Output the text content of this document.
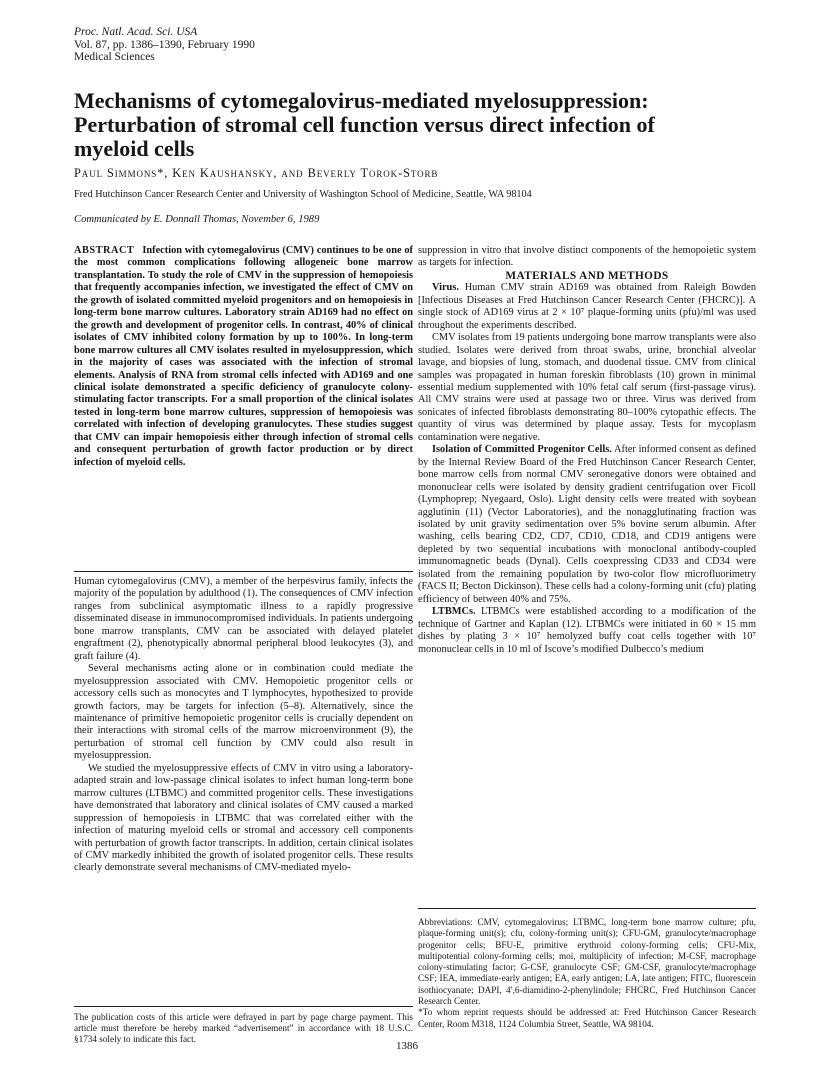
Proc. Natl. Acad. Sci. USA
Vol. 87, pp. 1386–1390, February 1990
Medical Sciences
Mechanisms of cytomegalovirus-mediated myelosuppression: Perturbation of stromal cell function versus direct infection of myeloid cells
Paul Simmons*, Ken Kaushansky, and Beverly Torok-Storb
Fred Hutchinson Cancer Research Center and University of Washington School of Medicine, Seattle, WA 98104
Communicated by E. Donnall Thomas, November 6, 1989

ABSTRACT Infection with cytomegalovirus (CMV) continues to be one of the most common complications following allogeneic bone marrow transplantation. To study the role of CMV in the suppression of hemopoiesis that frequently accompanies infection, we investigated the effect of CMV on the growth of isolated committed myeloid progenitors and on hemopoiesis in long-term bone marrow cultures. Laboratory strain AD169 had no effect on the growth and development of progenitor cells. In contrast, 40% of clinical isolates of CMV inhibited colony formation by up to 100%. In long-term bone marrow cultures all CMV isolates resulted in myelosuppression, which in the majority of cases was associated with the infection of stromal elements. Analysis of RNA from stromal cells infected with AD169 and one clinical isolate demonstrated a specific deficiency of granulocyte colony-stimulating factor transcripts. For a small proportion of the clinical isolates tested in long-term bone marrow cultures, suppression of hemopoiesis was correlated with infection of developing granulocytes. These studies suggest that CMV can impair hemopoiesis either through infection of stromal cells and consequent perturbation of growth factor production or by direct infection of myeloid cells.

Human cytomegalovirus (CMV), a member of the herpesvirus family, infects the majority of the population by adulthood (1). The consequences of CMV infection ranges from subclinical asymptomatic illness to a rapidly progressive disseminated disease in immunocompromised individuals. In patients undergoing bone marrow transplants, CMV can be associated with delayed platelet engraftment (2), phenotypically abnormal peripheral blood leukocytes (3), and graft failure (4).

Several mechanisms acting alone or in combination could mediate the myelosuppression associated with CMV. Hemopoietic progenitor cells or accessory cells such as monocytes and T lymphocytes, hypothesized to provide growth factors, may be targets for infection (5–8). Alternatively, since the maintenance of primitive hemopoietic progenitor cells is crucially dependent on their interactions with stromal cells of the marrow microenvironment (9), the perturbation of stromal cell function by CMV could also result in myelosuppression.

We studied the myelosuppressive effects of CMV in vitro using a laboratory-adapted strain and low-passage clinical isolates to infect human long-term bone marrow cultures (LTBMC) and committed progenitor cells. These investigations have demonstrated that laboratory and clinical isolates of CMV caused a marked suppression of hemopoiesis in LTBMC that was correlated either with the infection of maturing myeloid cells or stromal and accessory cell components with perturbation of growth factor transcripts. In addition, certain clinical isolates of CMV markedly inhibited the growth of isolated progenitor cells. These results clearly demonstrate several mechanisms of CMV-mediated myelo-

The publication costs of this article were defrayed in part by page charge payment. This article must therefore be hereby marked “advertisement” in accordance with 18 U.S.C. §1734 solely to indicate this fact.

suppression in vitro that involve distinct components of the hemopoietic system as targets for infection.

MATERIALS AND METHODS

Virus. Human CMV strain AD169 was obtained from Raleigh Bowden [Infectious Diseases at Fred Hutchinson Cancer Research Center (FHCRC)]. A single stock of AD169 virus at 2 × 10⁷ plaque-forming units (pfu)/ml was used throughout the experiments described.

CMV isolates from 19 patients undergoing bone marrow transplants were also studied. Isolates were derived from throat swabs, urine, bronchial alveolar lavage, and biopsies of lung, stomach, and duodenal tissue. CMV from clinical samples was propagated in human foreskin fibroblasts (10) grown in minimal essential medium supplemented with 10% fetal calf serum (first-passage virus). All CMV strains were used at passage two or three. Virus was derived from sonicates of infected fibroblasts demonstrating 80–100% cytopathic effects. The quantity of virus was determined by plaque assay. Tests for mycoplasm contamination were negative.

Isolation of Committed Progenitor Cells. After informed consent as defined by the Internal Review Board of the Fred Hutchinson Cancer Research Center, bone marrow cells from normal CMV seronegative donors were obtained and mononuclear cells were isolated by density gradient centrifugation over Ficoll (Lymphoprep; Nyegaard, Oslo). Light density cells were treated with soybean agglutinin (11) (Vector Laboratories), and the nonagglutinating fraction was isolated by unit gravity sedimentation over 5% bovine serum albumin. After washing, cells bearing CD2, CD7, CD10, CD18, and CD19 antigens were depleted by two sequential incubations with monoclonal antibody-coupled immunomagnetic beads (Dynal). Cells coexpressing CD33 and CD34 were isolated from the remaining population by two-color flow microfluorimetry (FACS II; Becton Dickinson). These cells had a colony-forming unit (cfu) plating efficiency of between 40% and 75%.

LTBMCs. LTBMCs were established according to a modification of the technique of Gartner and Kaplan (12). LTBMCs were initiated in 60 × 15 mm dishes by plating 3 × 10⁷ hemolyzed buffy coat cells together with 10⁷ mononuclear cells in 10 ml of Iscove’s modified Dulbecco’s medium

Abbreviations: CMV, cytomegalovirus; LTBMC, long-term bone marrow culture; pfu, plaque-forming unit(s); cfu, colony-forming unit(s); CFU-GM, granulocyte/macrophage progenitor cells; BFU-E, primitive erythroid colony-forming cells; CFU-Mix, multipotential colony-forming cells; moi, multiplicity of infection; M-CSF, macrophage colony-stimulating factor; G-CSF, granulocyte CSF; GM-CSF, granulocyte/macrophage CSF; IEA, immediate-early antigen; EA, early antigen; LA, late antigen; FITC, fluorescein isothiocyanate; DAPI, 4′,6-diamidino-2-phenylindole; FHCRC, Fred Hutchinson Cancer Research Center.

*To whom reprint requests should be addressed at: Fred Hutchinson Cancer Research Center, Room M318, 1124 Columbia Street, Seattle, WA 98104.

1386
